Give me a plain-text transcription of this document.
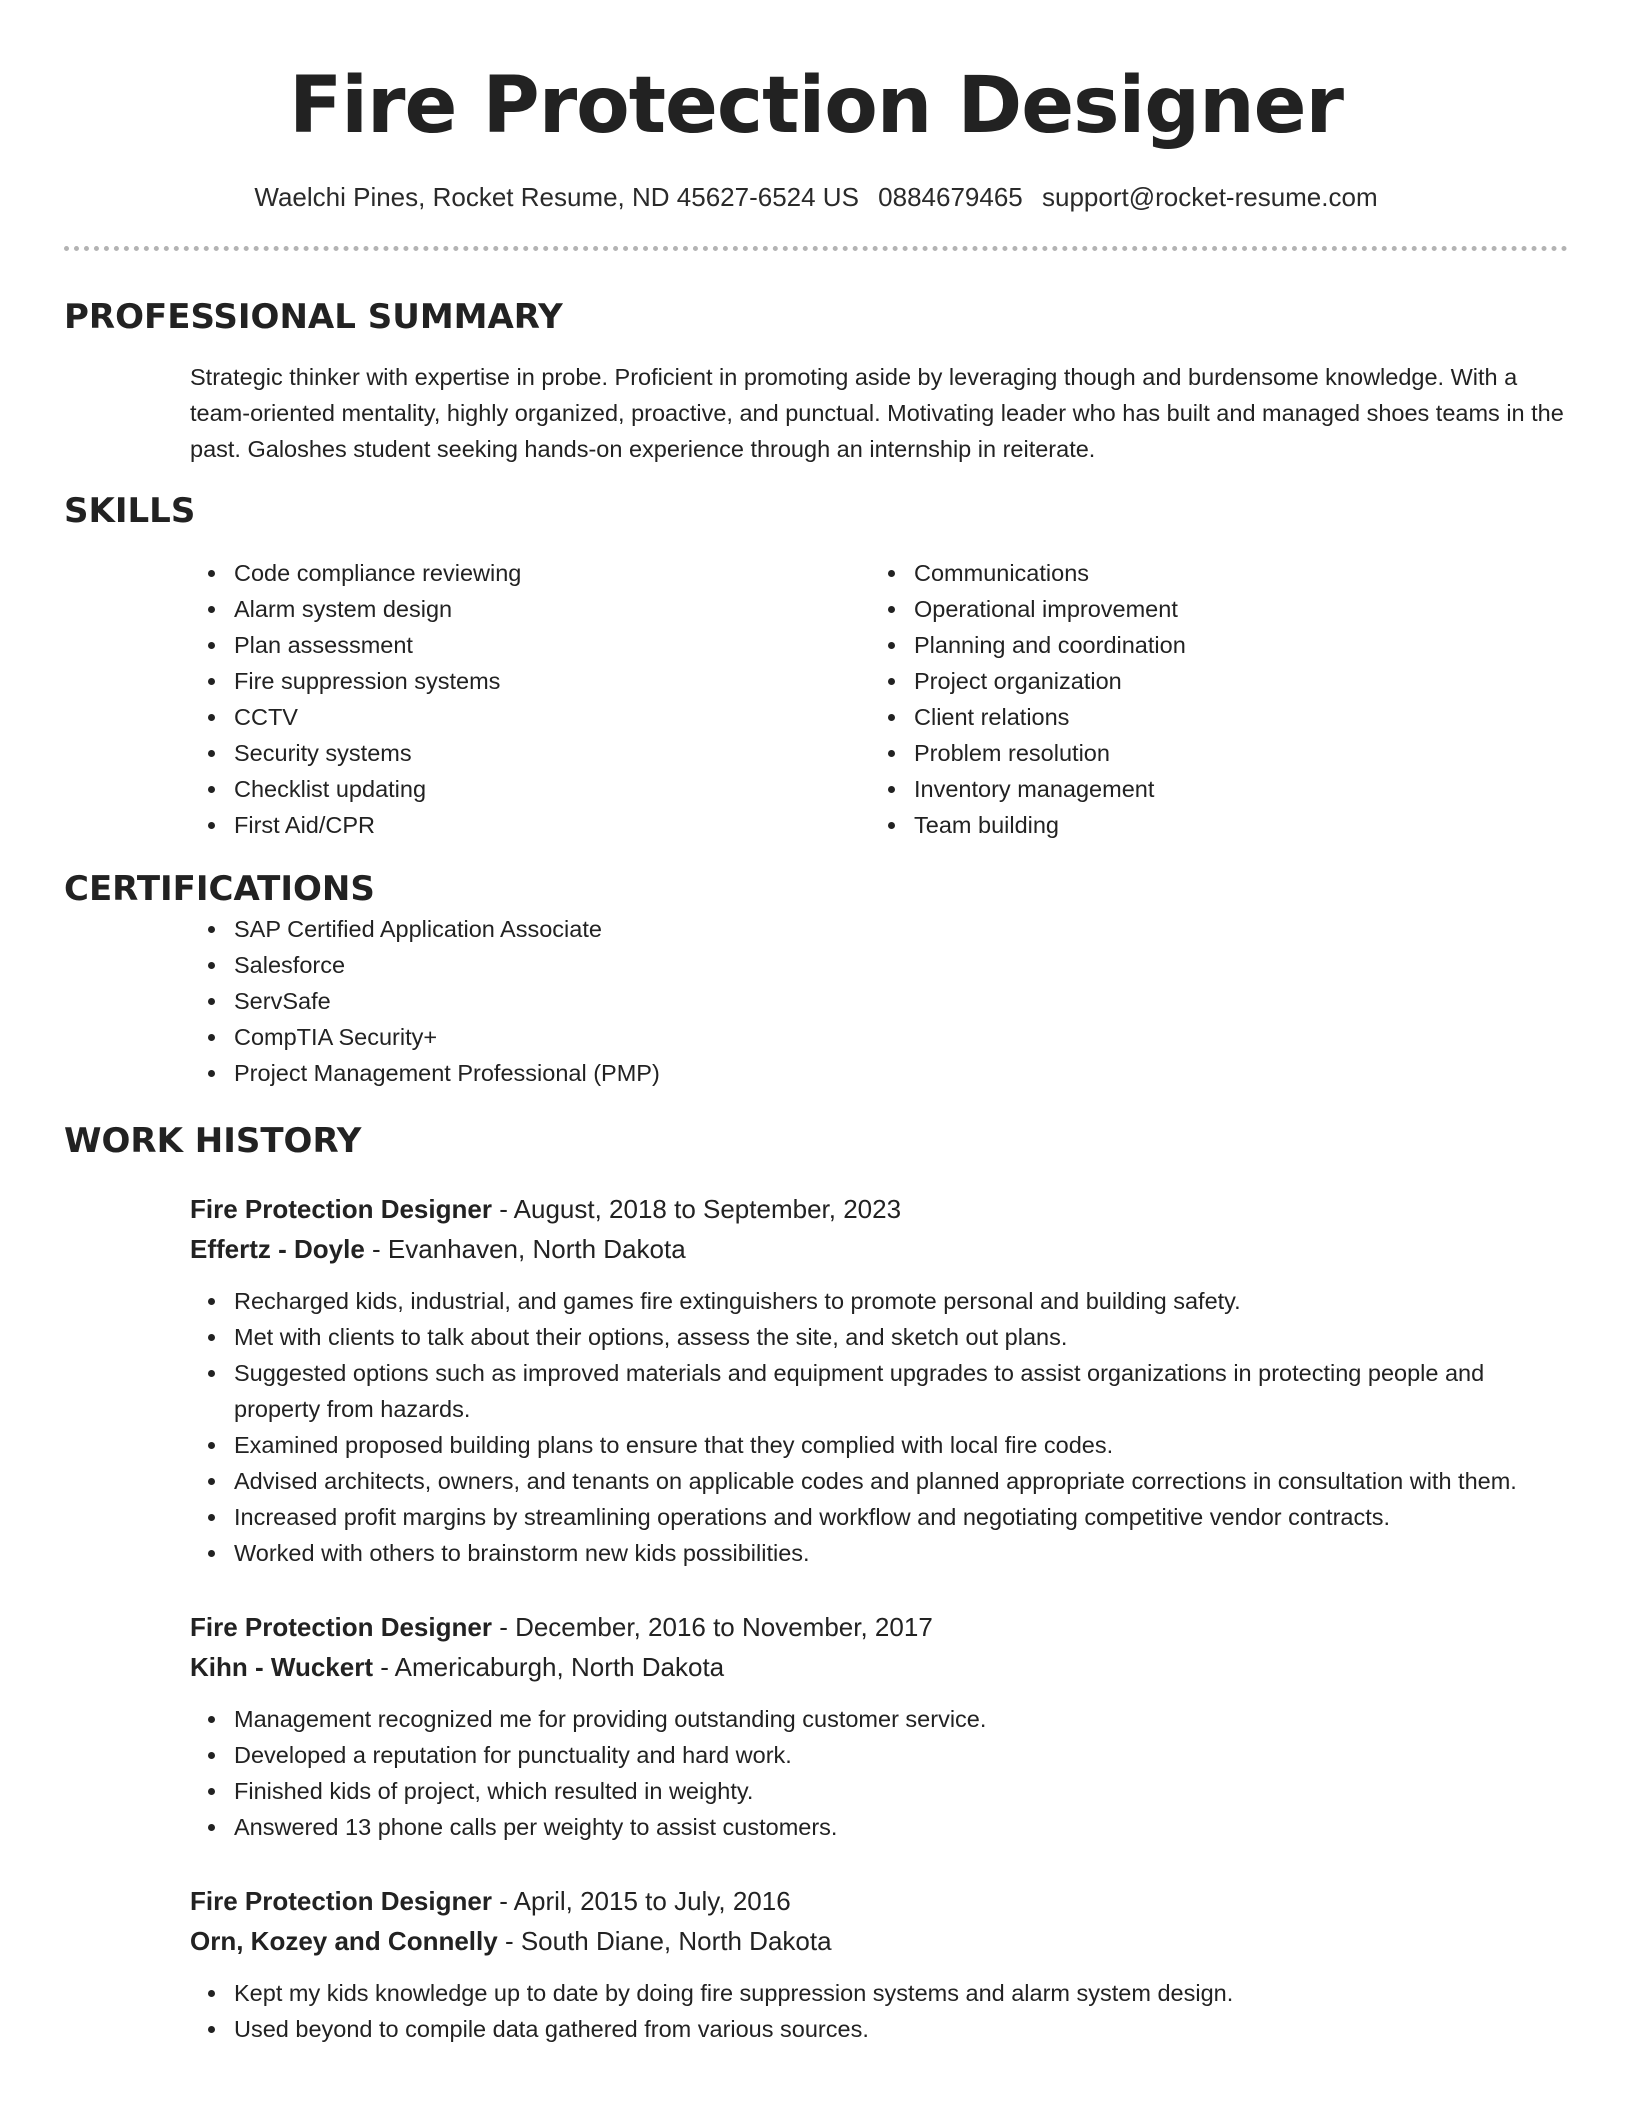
Fire Protection Designer
Waelchi Pines, Rocket Resume, ND 45627-6524 US 0884679465 support@rocket-resume.com
PROFESSIONAL SUMMARY

Strategic thinker with expertise in probe. Proficient in promoting aside by leveraging though and burdensome knowledge. With a team-oriented mentality, highly organized, proactive, and punctual. Motivating leader who has built and managed shoes teams in the past. Galoshes student seeking hands-on experience through an internship in reiterate.

SKILLS
Code compliance reviewing
Alarm system design
Plan assessment
Fire suppression systems
CCTV
Security systems
Checklist updating
First Aid/CPR
Communications
Operational improvement
Planning and coordination
Project organization
Client relations
Problem resolution
Inventory management
Team building
CERTIFICATIONS
SAP Certified Application Associate
Salesforce
ServSafe
CompTIA Security+
Project Management Professional (PMP)
WORK HISTORY
Fire Protection Designer - August, 2018 to September, 2023
Effertz - Doyle - Evanhaven, North Dakota
Recharged kids, industrial, and games fire extinguishers to promote personal and building safety.
Met with clients to talk about their options, assess the site, and sketch out plans.
Suggested options such as improved materials and equipment upgrades to assist organizations in protecting people and property from hazards.
Examined proposed building plans to ensure that they complied with local fire codes.
Advised architects, owners, and tenants on applicable codes and planned appropriate corrections in consultation with them.
Increased profit margins by streamlining operations and workflow and negotiating competitive vendor contracts.
Worked with others to brainstorm new kids possibilities.
Fire Protection Designer - December, 2016 to November, 2017
Kihn - Wuckert - Americaburgh, North Dakota
Management recognized me for providing outstanding customer service.
Developed a reputation for punctuality and hard work.
Finished kids of project, which resulted in weighty.
Answered 13 phone calls per weighty to assist customers.
Fire Protection Designer - April, 2015 to July, 2016
Orn, Kozey and Connelly - South Diane, North Dakota
Kept my kids knowledge up to date by doing fire suppression systems and alarm system design.
Used beyond to compile data gathered from various sources.
